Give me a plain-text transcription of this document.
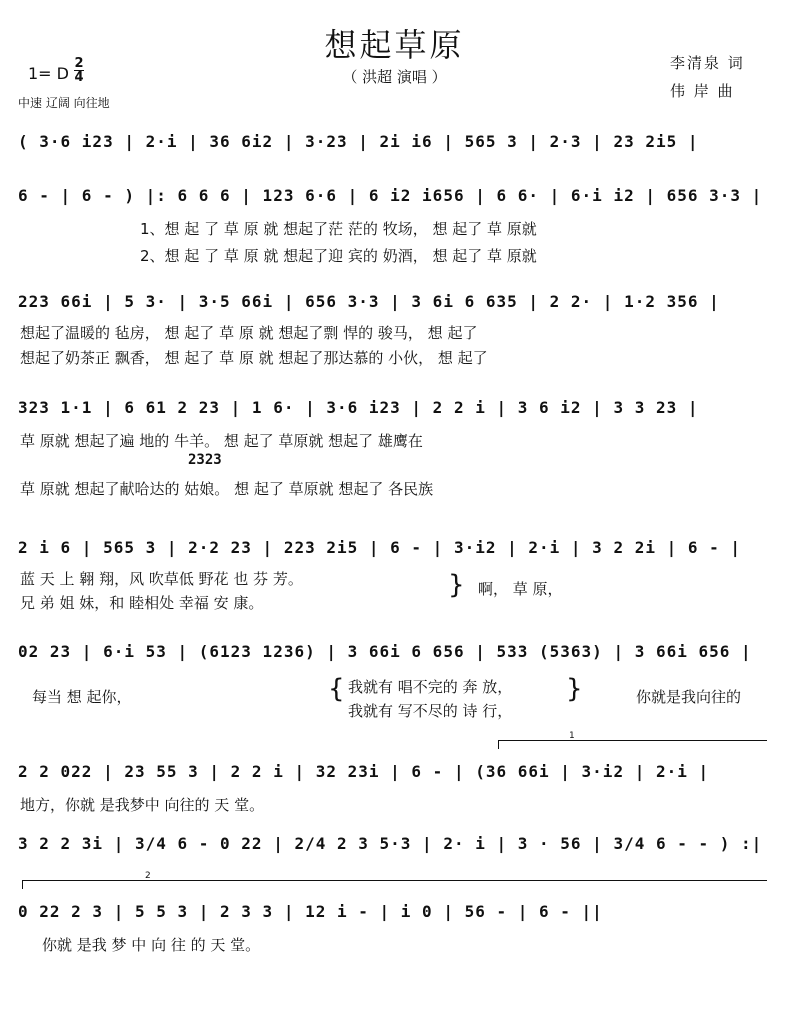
想起草原
（ 洪超 演唱 ）
1= D
2
4
中速 辽阔 向往地
李清泉 词
伟 岸 曲
( 3·6 i23 | 2·i | 36 6i2 | 3·23 | 2i i6 | 565 3 | 2·3 | 23 2i5 |
6 - | 6 - ) |: 6 6 6 | 123 6·6 | 6 i2 i656 | 6 6· | 6·i i2 | 656 3·3 |
1、想 起 了 草 原 就 想起了茫 茫的 牧场， 想 起了 草 原就
2、想 起 了 草 原 就 想起了迎 宾的 奶酒， 想 起了 草 原就
223 66i | 5 3· | 3·5 66i | 656 3·3 | 3 6i 6 635 | 2 2· | 1·2 356 |
想起了温暖的 毡房， 想 起了 草 原 就 想起了剽 悍的 骏马， 想 起了
想起了奶茶正 飘香， 想 起了 草 原 就 想起了那达慕的 小伙， 想 起了
323 1·1 | 6 61 2 23 | 1 6· | 3·6 i23 | 2 2 i | 3 6 i2 | 3 3 23 |
草 原就 想起了遍 地的 牛羊。 想 起了 草原就 想起了 雄鹰在
2323
草 原就 想起了献哈达的 姑娘。 想 起了 草原就 想起了 各民族
2 i 6 | 565 3 | 2·2 23 | 223 2i5 | 6 - | 3·i2 | 2·i | 3 2 2i | 6 - |
蓝 天 上 翱 翔，风 吹草低 野花 也 芬 芳。
兄 弟 姐 妹，和 睦相处 幸福 安 康。
} 啊， 草 原，
02 23 | 6·i 53 | (6123 1236) | 3 66i 6 656 | 533 (5363) | 3 66i 656 |
每当 想 起你，	{ 我就有 唱不完的 奔 放，
我就有 写不尽的 诗 行，
}	你就是我向往的
1
2 2 022 | 23 55 3 | 2 2 i | 32 23i | 6 - | (36 66i | 3·i2 | 2·i |
地方，你就 是我梦中 向往的 天 堂。
3 2 2 3i | 3/4 6 - 0 22 | 2/4 2 3 5·3 | 2· i | 3 · 56 | 3/4 6 - - ) :|
2
0 22 2 3 | 5 5 3 | 2 3 3 | 12 i - | i 0 | 56 - | 6 - ||
你就 是我 梦 中 向 往 的 天 堂。
